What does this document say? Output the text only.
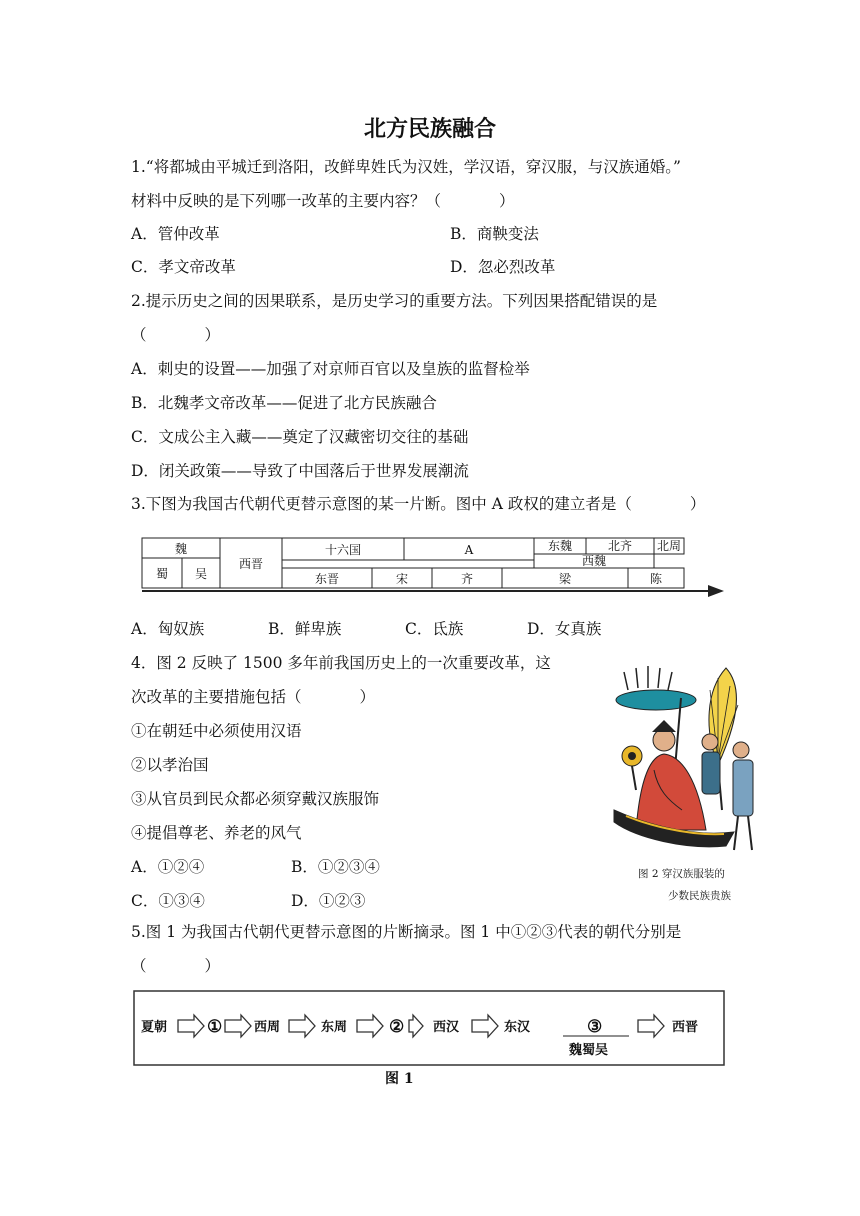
北方民族融合
1.“将都城由平城迁到洛阳，改鲜卑姓氏为汉姓，学汉语，穿汉服，与汉族通婚。”
材料中反映的是下列哪一改革的主要内容？（	）
A．管仲改革	B．商鞅变法
C．孝文帝改革	D．忽必烈改革
2.提示历史之间的因果联系，是历史学习的重要方法。下列因果搭配错误的是
（	）
A．刺史的设置——加强了对京师百官以及皇族的监督检举
B．北魏孝文帝改革——促进了北方民族融合
C．文成公主入藏——奠定了汉藏密切交往的基础
D．闭关政策——导致了中国落后于世界发展潮流
3.下图为我国古代朝代更替示意图的某一片断。图中 A 政权的建立者是（	）
魏
蜀 吴
西晋
十六国	A	东魏	北齐 北周
西魏
东晋	宋	齐	梁	陈
A．匈奴族	B．鲜卑族	C．氐族	D．女真族
4．图 2 反映了 1500 多年前我国历史上的一次重要改革，这
次改革的主要措施包括（	）
①在朝廷中必须使用汉语
②以孝治国
③从官员到民众都必须穿戴汉族服饰
④提倡尊老、养老的风气
A．①②④	B．①②③④
C．①③④	D．①②③
图 2 穿汉族服装的
少数民族贵族
5.图 1 为我国古代朝代更替示意图的片断摘录。图 1 中①②③代表的朝代分别是
（	）
夏朝 ① 西周	东周 ② 西汉	东汉	③
魏蜀吴
西晋
图 1
